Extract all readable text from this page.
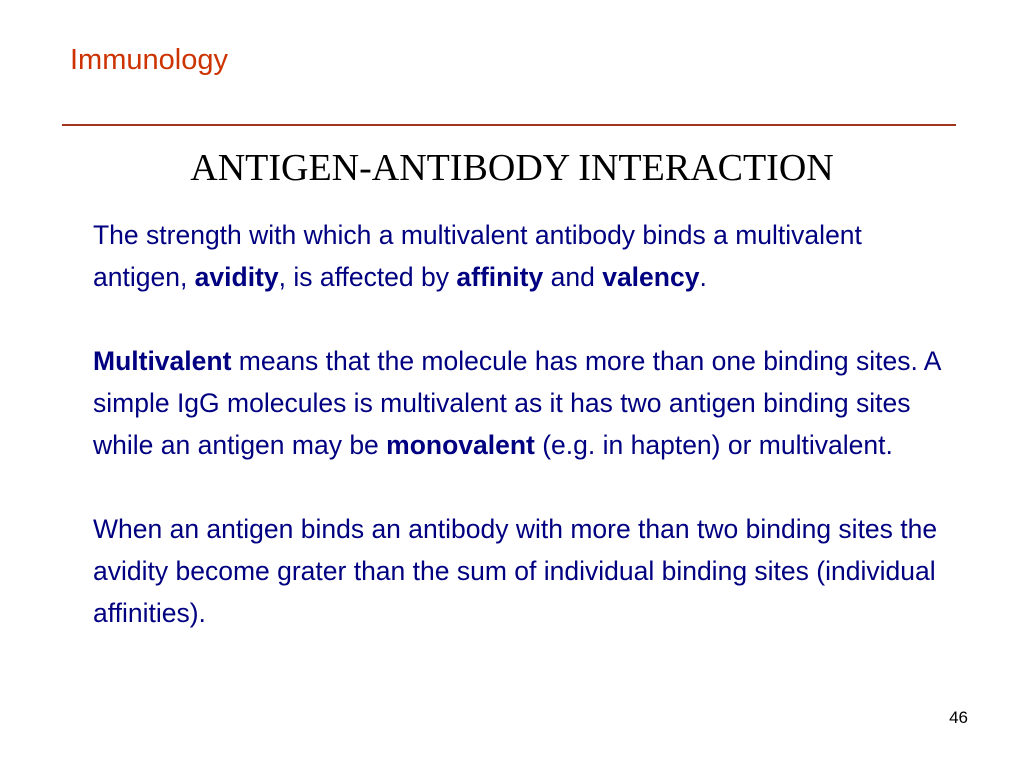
Immunology
ANTIGEN-ANTIBODY INTERACTION

The strength with which a multivalent antibody binds a multivalent antigen, avidity, is affected by affinity and valency.

Multivalent means that the molecule has more than one binding sites. A simple IgG molecules is multivalent as it has two antigen binding sites while an antigen may be monovalent (e.g. in hapten) or multivalent.

When an antigen binds an antibody with more than two binding sites the avidity become grater than the sum of individual binding sites (individual affinities).

46
